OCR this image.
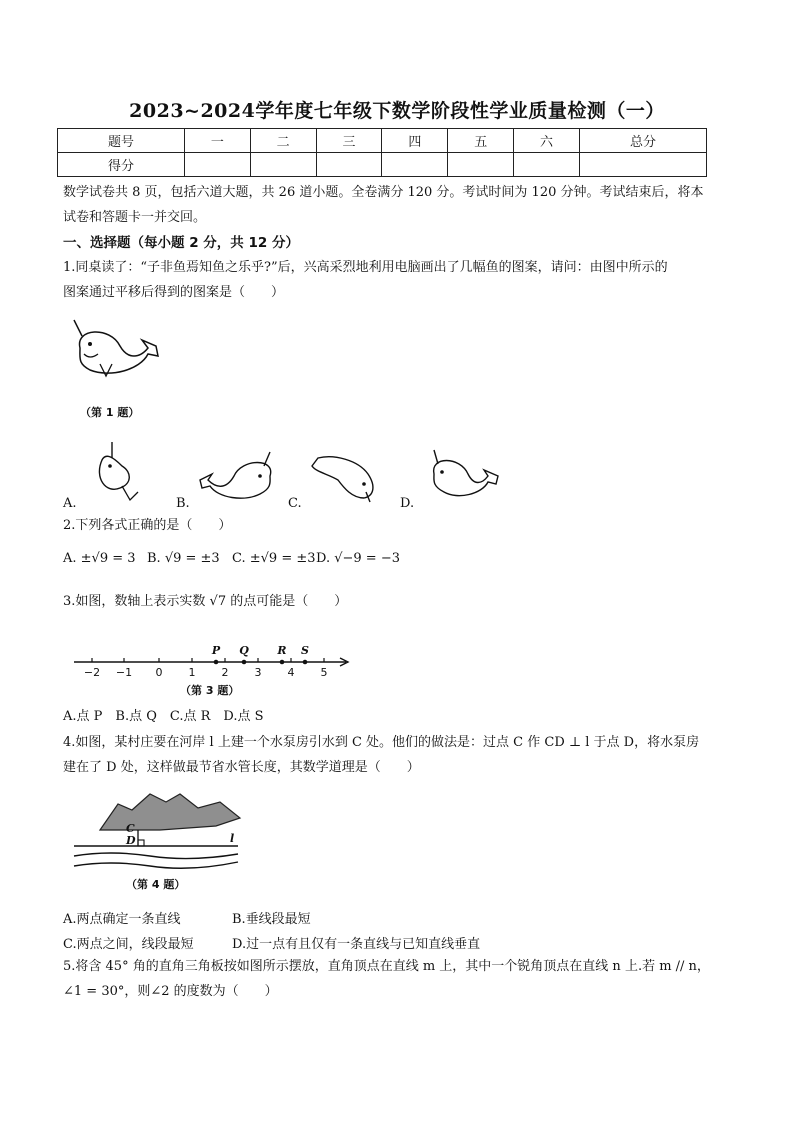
2023~2024学年度七年级下数学阶段性学业质量检测（一）
题号	一	二	三	四	五	六	总分
得分							
数学试卷共 8 页，包括六道大题，共 26 道小题。全卷满分 120 分。考试时间为 120 分钟。考试结束后，将本
试卷和答题卡一并交回。
一、选择题（每小题 2 分，共 12 分）
1.同桌读了：“子非鱼焉知鱼之乐乎?”后，兴高采烈地利用电脑画出了几幅鱼的图案，请问：由图中所示的
图案通过平移后得到的图案是（　　）
（第 1 题）
A.	B.	C.	D.
2.下列各式正确的是（　　）
A. ±√9 = 3 B. √9 = ±3 C. ±√9 = ±3 D. √−9 = −3
3.如图，数轴上表示实数 √7 的点可能是（　　）
−2 −1 0 1 2 3 4 5
P Q	R S
（第 3 题）
A.点 P　B.点 Q　C.点 R　D.点 S
4.如图，某村庄要在河岸 l 上建一个水泵房引水到 C 处。他们的做法是：过点 C 作 CD ⊥ l 于点 D，将水泵房
建在了 D 处，这样做最节省水管长度，其数学道理是（　　）
C
D	l
（第 4 题）
A.两点确定一条直线	B.垂线段最短
C.两点之间，线段最短	D.过一点有且仅有一条直线与已知直线垂直
5.将含 45° 角的直角三角板按如图所示摆放，直角顶点在直线 m 上，其中一个锐角顶点在直线 n 上.若 m // n，
∠1 = 30°，则∠2 的度数为（　　）
